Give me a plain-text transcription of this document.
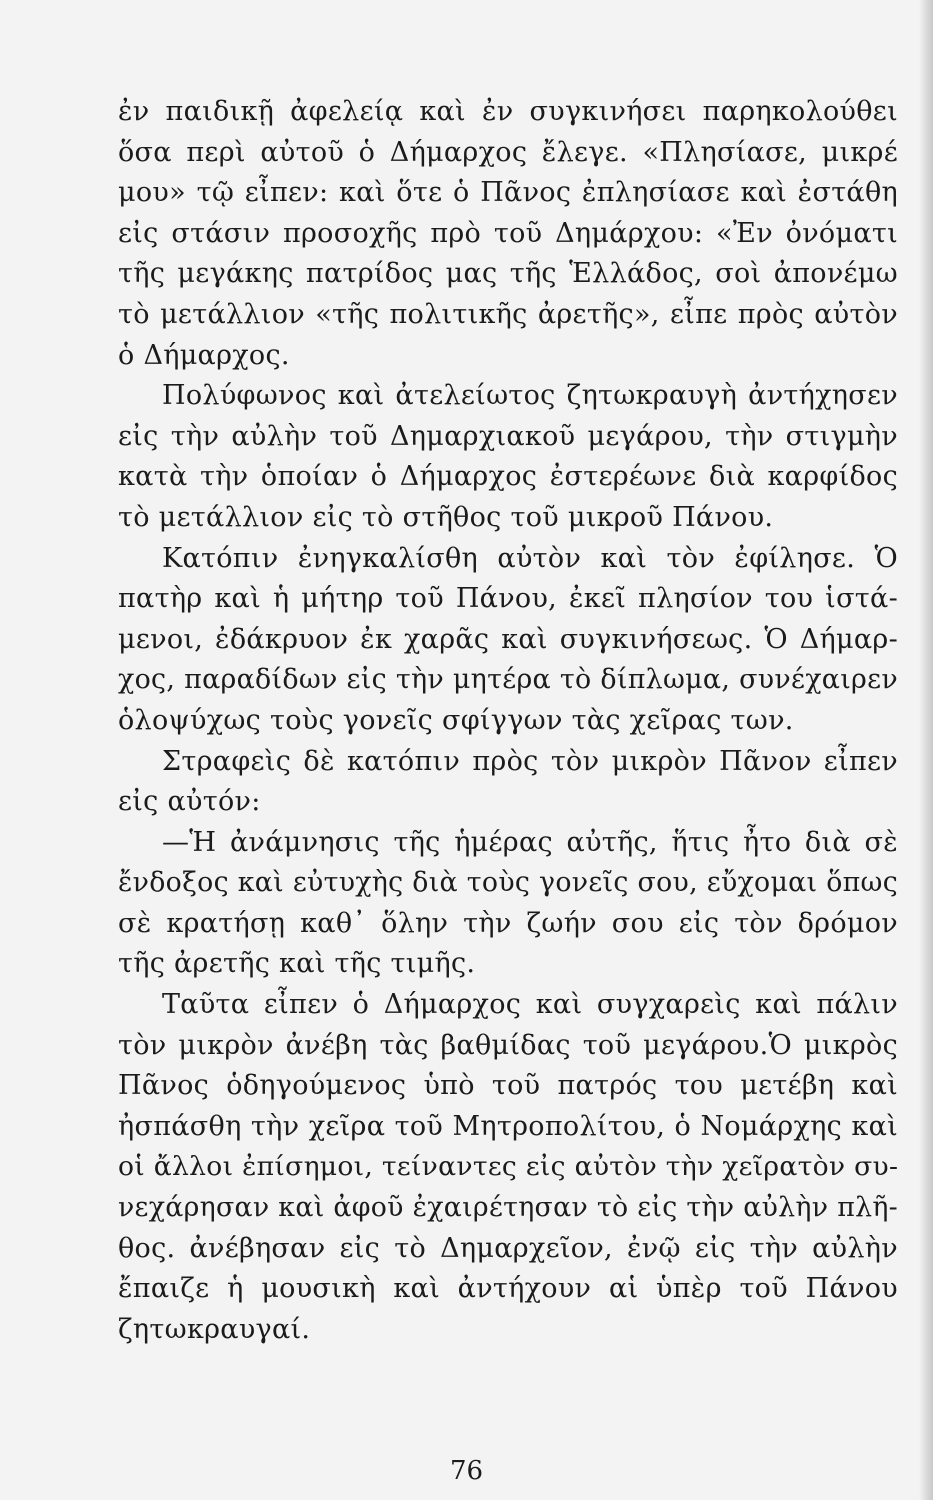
ἐν παιδικῇ ἀφελείᾳ καὶ ἐν συγκινήσει παρηκολούθει
ὅσα περὶ αὐτοῦ ὁ Δήμαρχος ἔλεγε. «Πλησίασε, μικρέ
μου» τῷ εἶπεν: καὶ ὅτε ὁ Πᾶνος ἐπλησίασε καὶ ἐστάθη
εἰς στάσιν προσοχῆς πρὸ τοῦ Δημάρχου: «Ἐν ὀνόματι
τῆς μεγάκης πατρίδος μας τῆς Ἑλλάδος, σοὶ ἀπονέμω
τὸ μετάλλιον «τῆς πολιτικῆς ἀρετῆς», εἶπε πρὸς αὐτὸν
ὁ Δήμαρχος.
Πολύφωνος καὶ ἀτελείωτος ζητωκραυγὴ ἀντήχησεν
εἰς τὴν αὐλὴν τοῦ Δημαρχιακοῦ μεγάρου, τὴν στιγμὴν
κατὰ τὴν ὁποίαν ὁ Δήμαρχος ἐστερέωνε διὰ καρφίδος
τὸ μετάλλιον εἰς τὸ στῆθος τοῦ μικροῦ Πάνου.
Κατόπιν ἐνηγκαλίσθη αὐτὸν καὶ τὸν ἐφίλησε. Ὁ
πατὴρ καὶ ἡ μήτηρ τοῦ Πάνου, ἐκεῖ πλησίον του ἱστά-
μενοι, ἐδάκρυον ἐκ χαρᾶς καὶ συγκινήσεως. Ὁ Δήμαρ-
χος, παραδίδων εἰς τὴν μητέρα τὸ δίπλωμα, συνέχαιρεν
ὁλοψύχως τοὺς γονεῖς σφίγγων τὰς χεῖρας των.
Στραφεὶς δὲ κατόπιν πρὸς τὸν μικρὸν Πᾶνον εἶπεν
εἰς αὐτόν:
—Ἡ ἀνάμνησις τῆς ἡμέρας αὐτῆς, ἥτις ἦτο διὰ σὲ
ἔνδοξος καὶ εὐτυχὴς διὰ τοὺς γονεῖς σου, εὔχομαι ὅπως
σὲ κρατήσῃ καθ᾿ ὅλην τὴν ζωήν σου εἰς τὸν δρόμον
τῆς ἀρετῆς καὶ τῆς τιμῆς.
Ταῦτα εἶπεν ὁ Δήμαρχος καὶ συγχαρεὶς καὶ πάλιν
τὸν μικρὸν ἀνέβη τὰς βαθμίδας τοῦ μεγάρου.Ὁ μικρὸς
Πᾶνος ὁδηγούμενος ὑπὸ τοῦ πατρός του μετέβη καὶ
ἠσπάσθη τὴν χεῖρα τοῦ Μητροπολίτου, ὁ Νομάρχης καὶ
οἱ ἄλλοι ἐπίσημοι, τείναντες εἰς αὐτὸν τὴν χεῖρατὸν συ-
νεχάρησαν καὶ ἀφοῦ ἐχαιρέτησαν τὸ εἰς τὴν αὐλὴν πλῆ-
θος. ἀνέβησαν εἰς τὸ Δημαρχεῖον, ἐνῷ εἰς τὴν αὐλὴν
ἔπαιζε ἡ μουσικὴ καὶ ἀντήχουν αἱ ὑπὲρ τοῦ Πάνου
ζητωκραυγαί.
76
